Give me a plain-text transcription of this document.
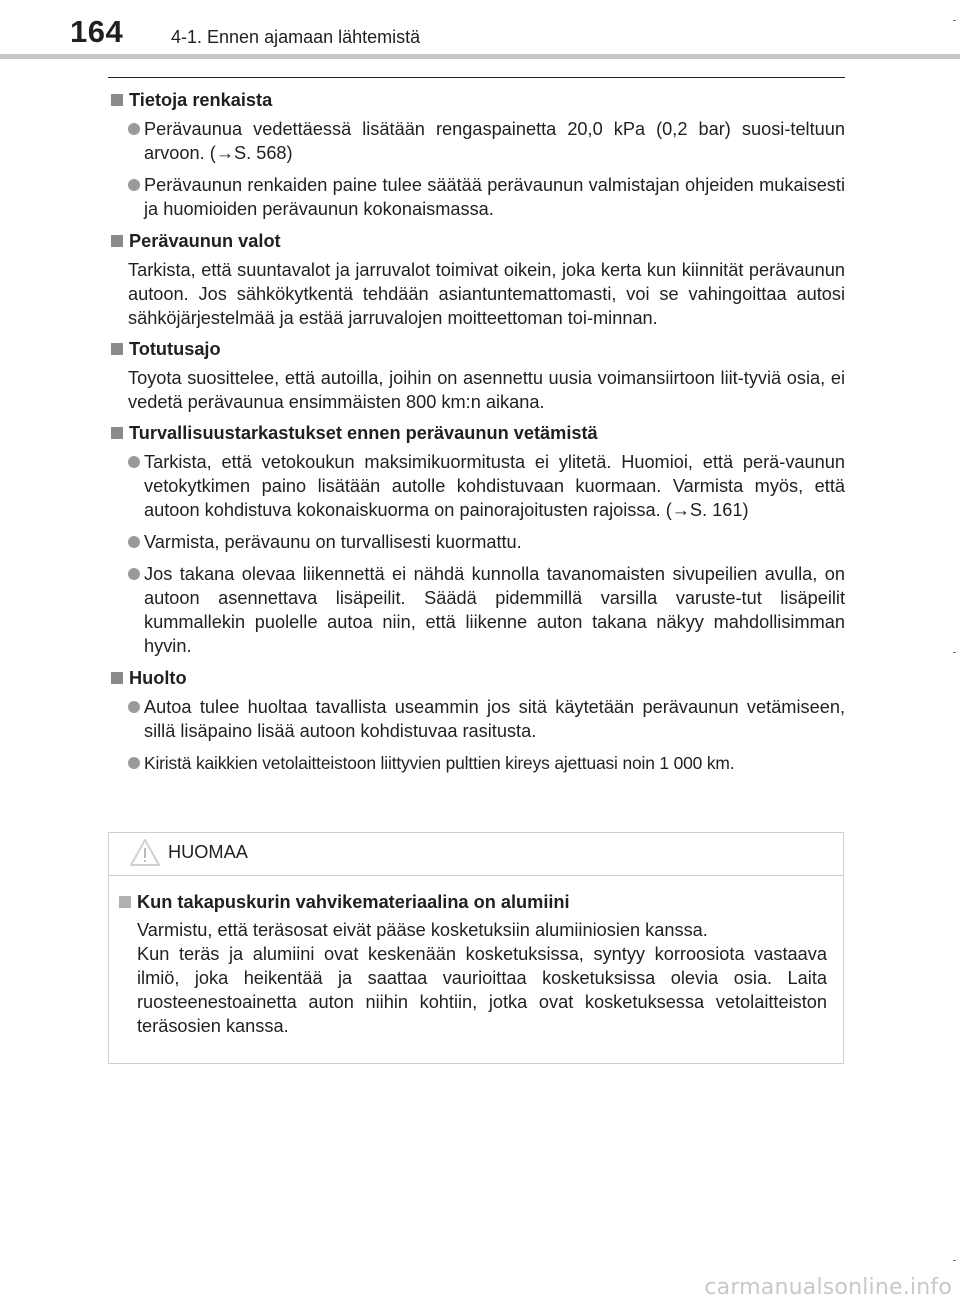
164	4-1. Ennen ajamaan lähtemistä
Tietoja renkaista
Perävaunua vedettäessä lisätään rengaspainetta 20,0 kPa (0,2 bar) suosi-teltuun arvoon. (→S. 568)
Perävaunun renkaiden paine tulee säätää perävaunun valmistajan ohjeiden mukaisesti ja huomioiden perävaunun kokonaismassa.
Perävaunun valot
Tarkista, että suuntavalot ja jarruvalot toimivat oikein, joka kerta kun kiinnität perävaunun autoon. Jos sähkökytkentä tehdään asiantuntemattomasti, voi se vahingoittaa autosi sähköjärjestelmää ja estää jarruvalojen moitteettoman toi-minnan.
Totutusajo
Toyota suosittelee, että autoilla, joihin on asennettu uusia voimansiirtoon liit-tyviä osia, ei vedetä perävaunua ensimmäisten 800 km:n aikana.
Turvallisuustarkastukset ennen perävaunun vetämistä
Tarkista, että vetokoukun maksimikuormitusta ei ylitetä. Huomioi, että perä-vaunun vetokytkimen paino lisätään autolle kohdistuvaan kuormaan. Varmista myös, että autoon kohdistuva kokonaiskuorma on painorajoitusten rajoissa. (→S. 161)
Varmista, perävaunu on turvallisesti kuormattu.
Jos takana olevaa liikennettä ei nähdä kunnolla tavanomaisten sivupeilien avulla, on autoon asennettava lisäpeilit. Säädä pidemmillä varsilla varuste-tut lisäpeilit kummallekin puolelle autoa niin, että liikenne auton takana näkyy mahdollisimman hyvin.
Huolto
Autoa tulee huoltaa tavallista useammin jos sitä käytetään perävaunun vetämiseen, sillä lisäpaino lisää autoon kohdistuvaa rasitusta.
Kiristä kaikkien vetolaitteistoon liittyvien pulttien kireys ajettuasi noin 1 000 km.
HUOMAA
Kun takapuskurin vahvikemateriaalina on alumiini
Varmistu, että teräsosat eivät pääse kosketuksiin alumiiniosien kanssa.
Kun teräs ja alumiini ovat keskenään kosketuksissa, syntyy korroosiota vastaava ilmiö, joka heikentää ja saattaa vaurioittaa kosketuksissa olevia osia. Laita ruosteenestoainetta auton niihin kohtiin, jotka ovat kosketuksessa vetolaitteiston teräsosien kanssa.
carmanualsonline.info
